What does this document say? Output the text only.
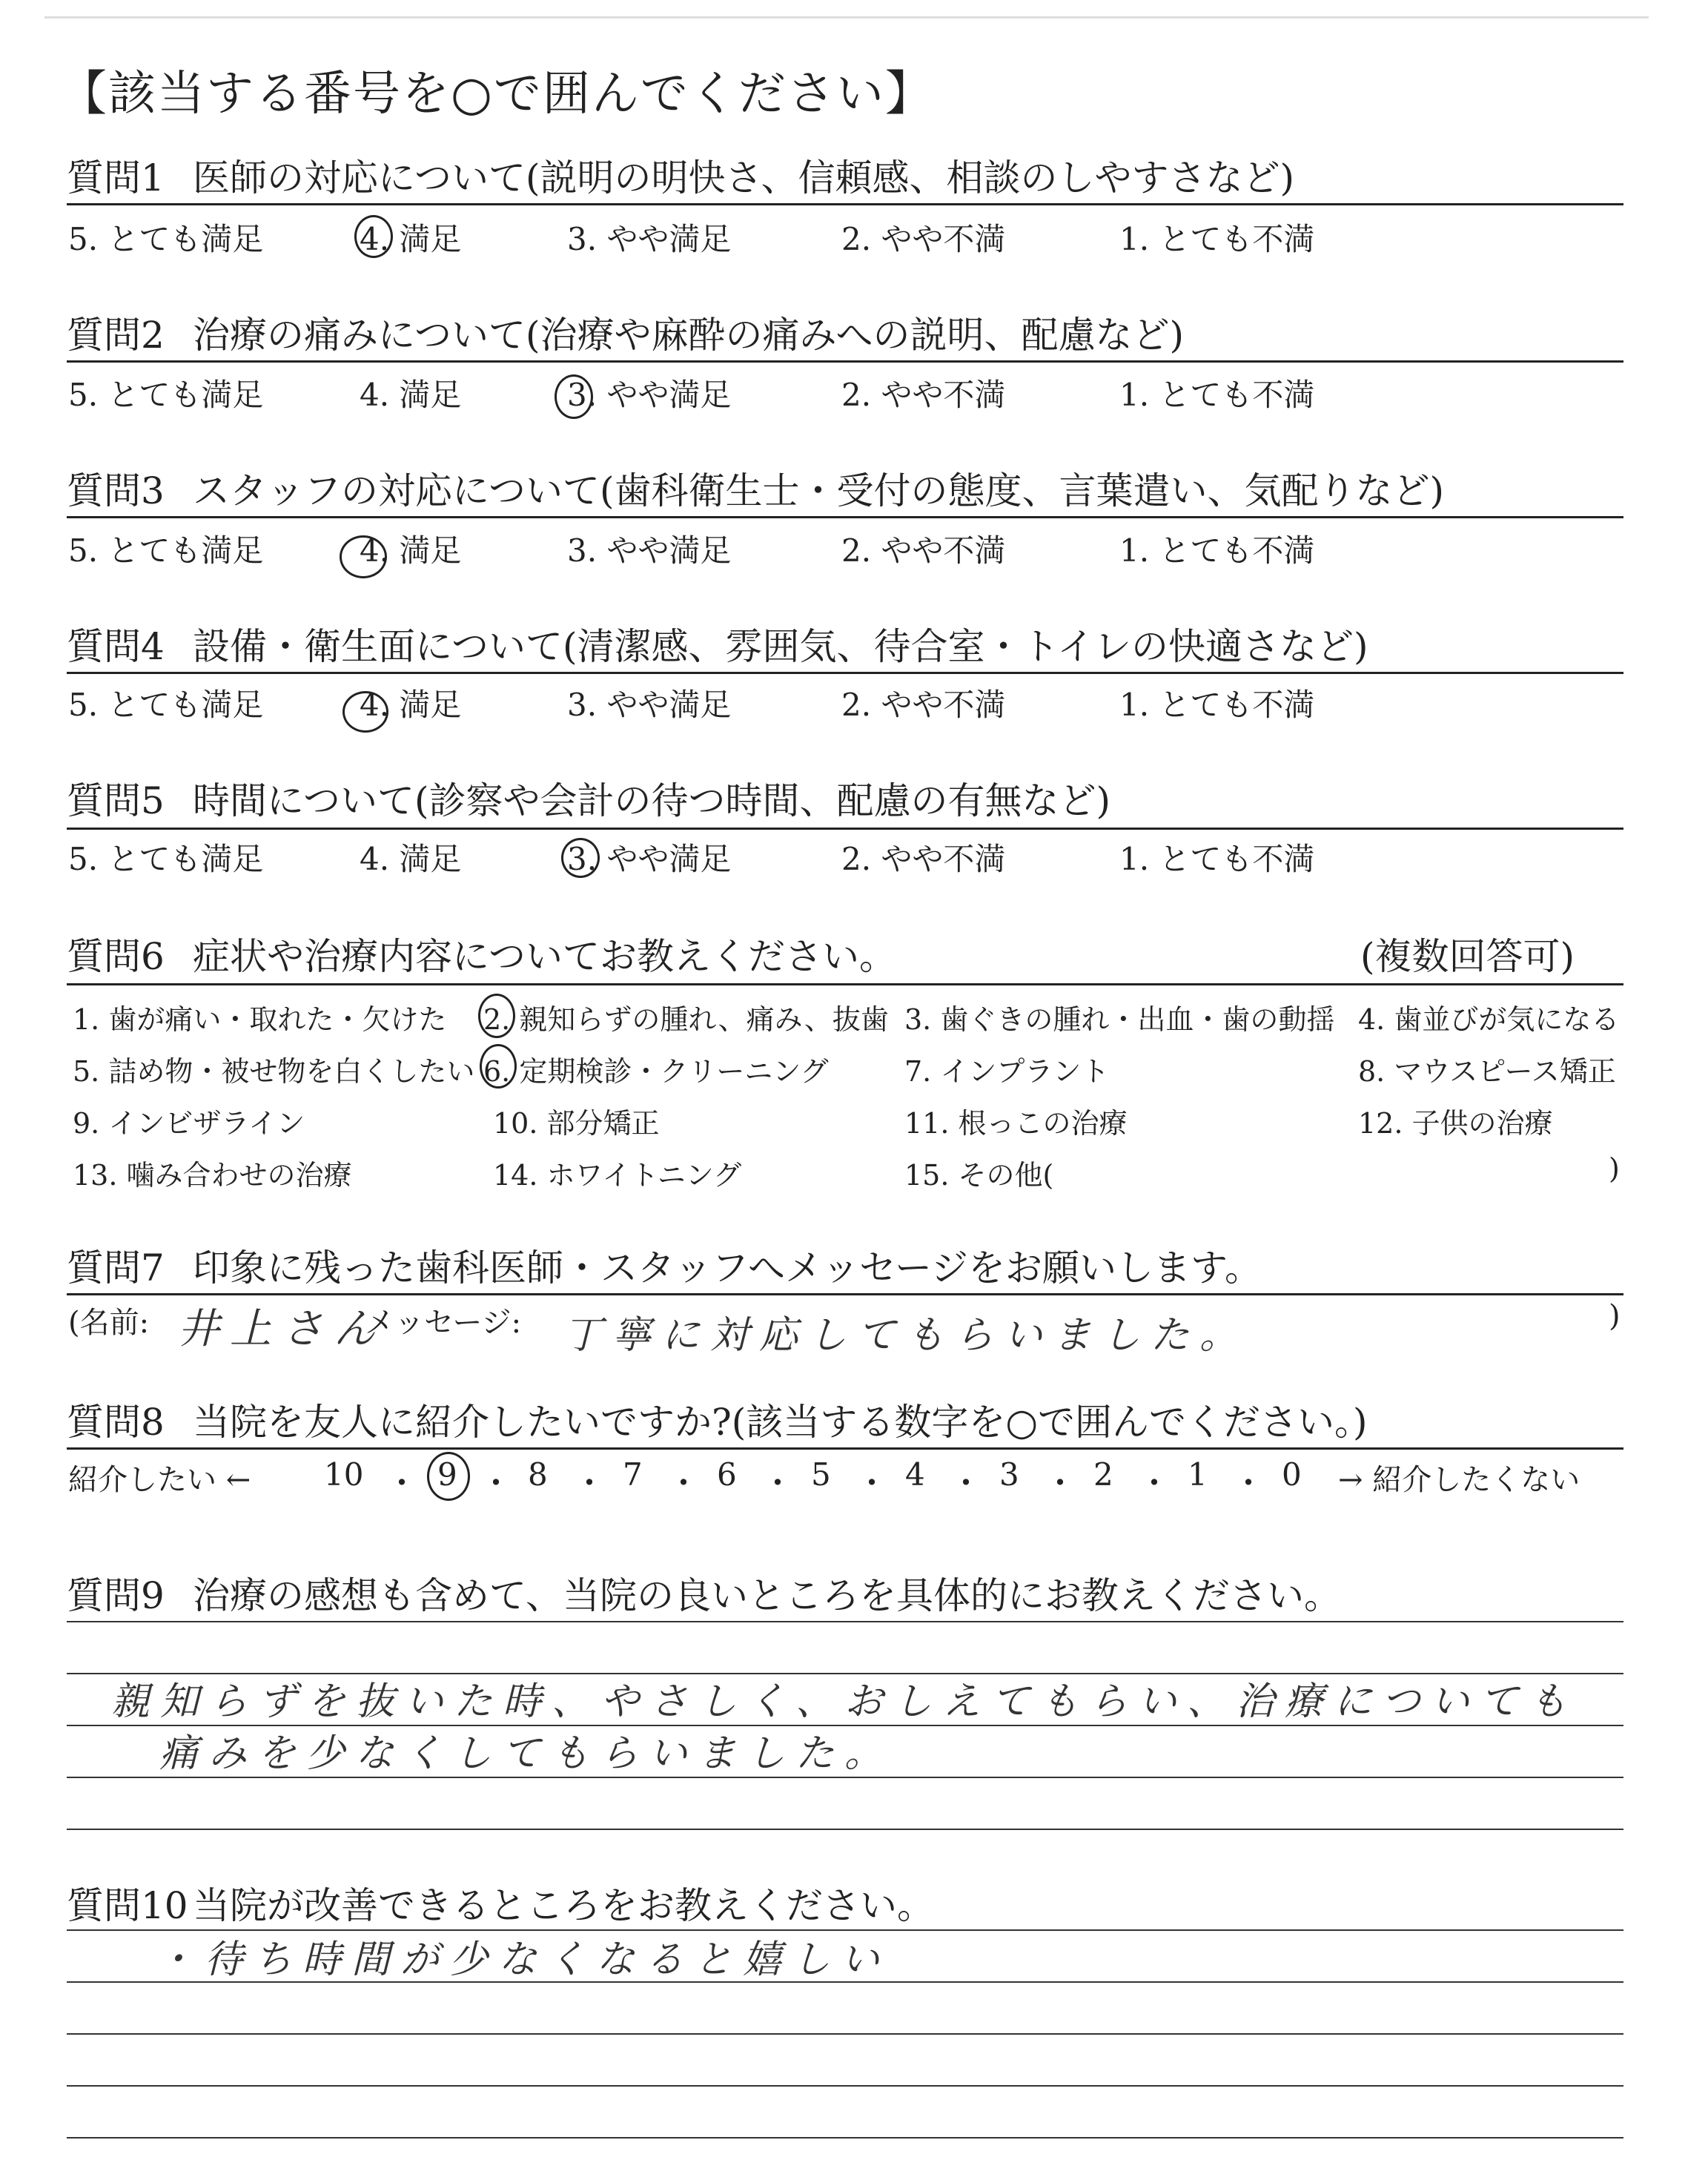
【該当する番号を○で囲んでください】
質問1 医師の対応について(説明の明快さ、信頼感、相談のしやすさなど)
5. とても満足	4. 満足	3. やや満足	2. やや不満	1. とても不満
質問2 治療の痛みについて(治療や麻酔の痛みへの説明、配慮など)
5. とても満足	4. 満足	3. やや満足	2. やや不満	1. とても不満
質問3 スタッフの対応について(歯科衛生士・受付の態度、言葉遣い、気配りなど)
5. とても満足	4. 満足	3. やや満足	2. やや不満	1. とても不満
質問4 設備・衛生面について(清潔感、雰囲気、待合室・トイレの快適さなど)
5. とても満足	4. 満足	3. やや満足	2. やや不満	1. とても不満
質問5 時間について(診察や会計の待つ時間、配慮の有無など)
5. とても満足	4. 満足	3. やや満足	2. やや不満	1. とても不満
質問6 症状や治療内容についてお教えください。	(複数回答可)
1. 歯が痛い・取れた・欠けた 2. 親知らずの腫れ、痛み、抜歯 3. 歯ぐきの腫れ・出血・歯の動揺 4. 歯並びが気になる
5. 詰め物・被せ物を白くしたい 6. 定期検診・クリーニング	7. インプラント	8. マウスピース矯正
9. インビザライン	10. 部分矯正	11. 根っこの治療	12. 子供の治療
13. 噛み合わせの治療	14. ホワイトニング	15. その他(	)
質問7 印象に残った歯科医師・スタッフへメッセージをお願いします。
(名前: 井上さん
メッセージ: 丁寧に対応してもらいました。	)
質問8 当院を友人に紹介したいですか?(該当する数字を○で囲んでください。)
紹介したい ←	→ 紹介したくない
10 ・ 9 ・ 8 ・ 7 ・ 6 ・ 5 ・ 4 ・ 3 ・ 2 ・ 1 ・ 0
質問9 治療の感想も含めて、当院の良いところを具体的にお教えください。
親知らずを抜いた時、やさしく、おしえてもらい、治療についても
痛みを少なくしてもらいました。
質問10 当院が改善できるところをお教えください。
・待ち時間が少なくなると嬉しい
